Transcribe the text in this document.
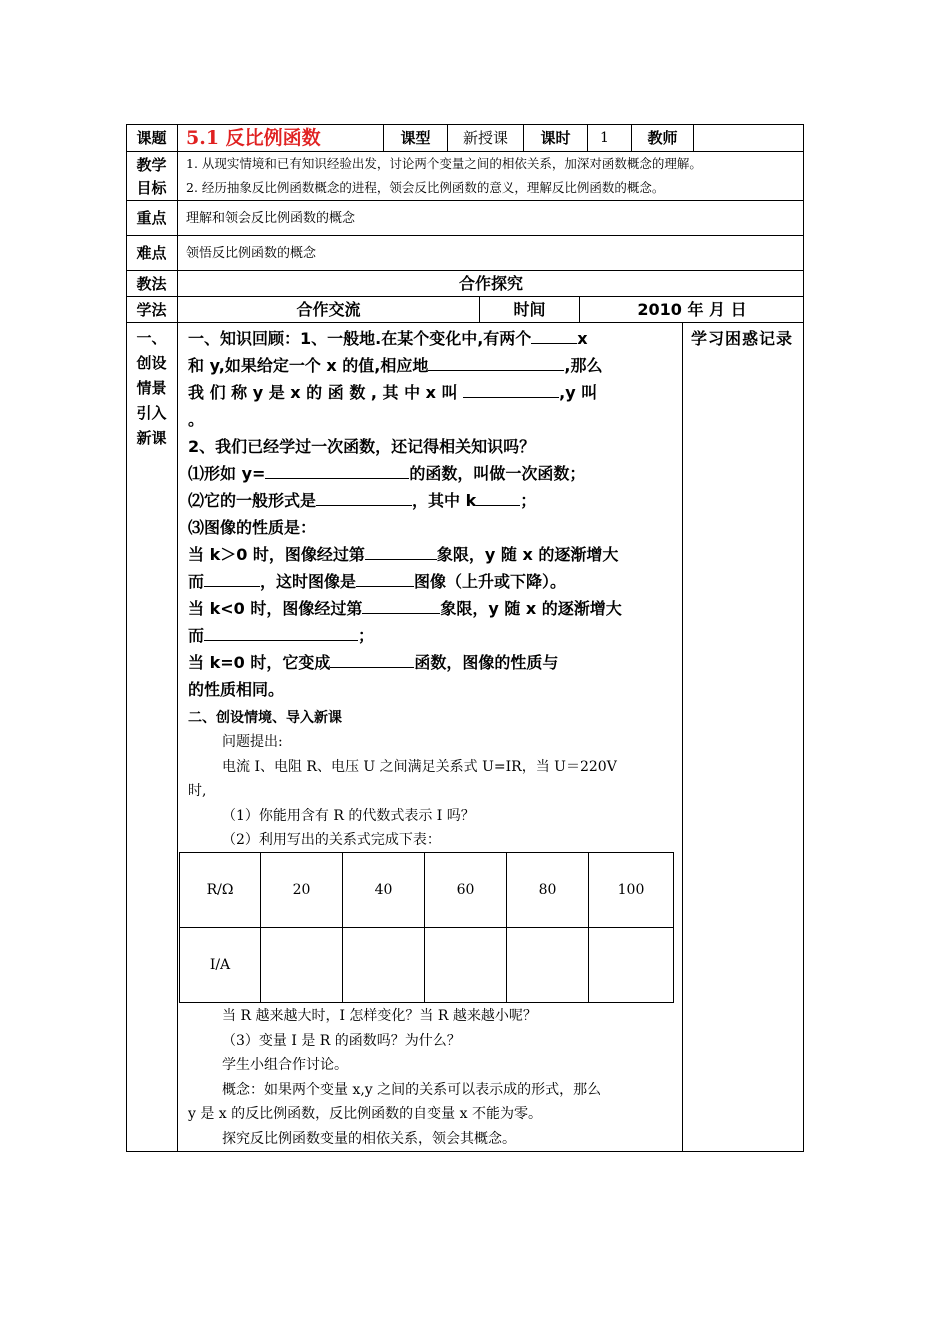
课题	5.1 反比例函数	课型	新授课	课时	1	教师
教学
目标
1. 从现实情境和已有知识经验出发，讨论两个变量之间的相依关系，加深对函数概念的理解。
2. 经历抽象反比例函数概念的进程，领会反比例函数的意义，理解反比例函数的概念。
重点	理解和领会反比例函数的概念
难点	领悟反比例函数的概念
教法	合作探究
学法	合作交流	时间	2010 年 月 日
一、
创设
情景
引入
新课
学习困惑记录
一、知识回顾：1、一般地.在某个变化中,有两个	x
和 y,如果给定一个 x 的值,相应地	,那么
我 们 称 y 是 x 的 函 数 , 其 中 x 叫	,y 叫
。
2、我们已经学过一次函数，还记得相关知识吗？
⑴形如 y=	的函数，叫做一次函数；
⑵它的一般形式是	，其中 k	；
⑶图像的性质是：
当 k＞0 时，图像经过第	象限，y 随 x 的逐渐增大
而	，这时图像是	图像（上升或下降）。
当 k<0 时，图像经过第	象限，y 随 x 的逐渐增大
而	；
当 k=0 时，它变成	函数，图像的性质与
的性质相同。
二、创设情境、导入新课
问题提出:
电流 I、电阻 R、电压 U 之间满足关系式 U=IR，当 U＝220V
时,
（1）你能用含有 R 的代数式表示 I 吗？
（2）利用写出的关系式完成下表：
R/Ω	20	40	60	80	100
I/A					
当 R 越来越大时，I 怎样变化？当 R 越来越小呢？
（3）变量 I 是 R 的函数吗？为什么？
学生小组合作讨论。
概念：如果两个变量 x,y 之间的关系可以表示成的形式，那么
y 是 x 的反比例函数，反比例函数的自变量 x 不能为零。
探究反比例函数变量的相依关系，领会其概念。
